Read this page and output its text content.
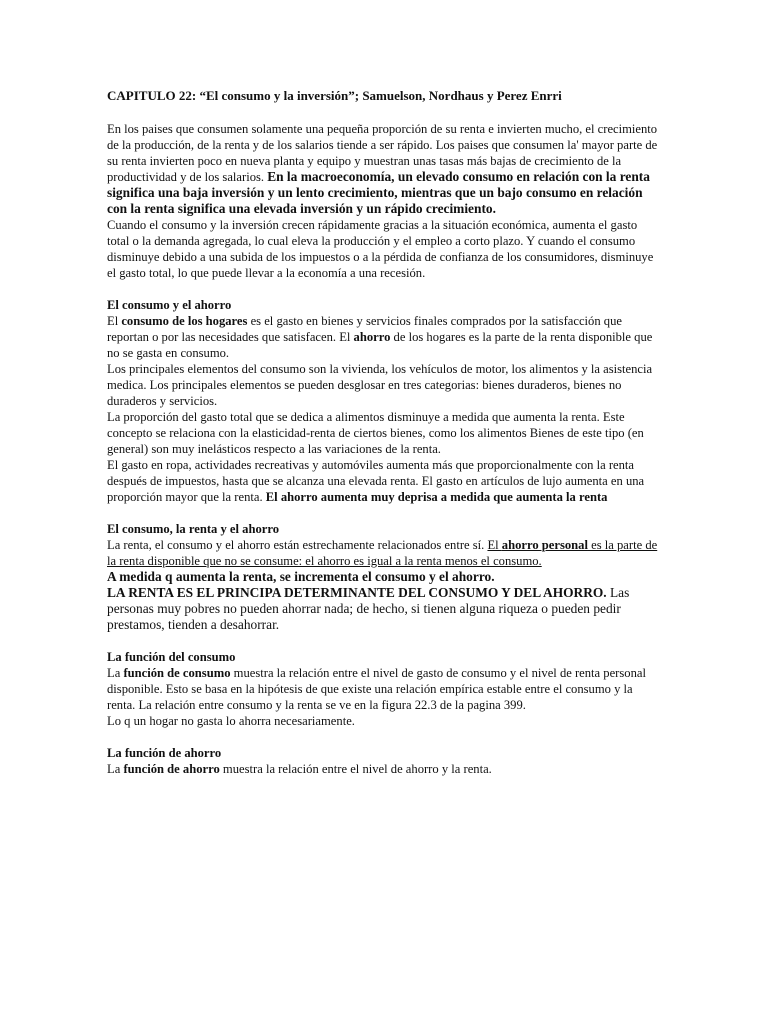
CAPITULO 22: “El consumo y la inversión”; Samuelson, Nordhaus y Perez Enrri

En los paises que consumen solamente una pequeña proporción de su renta e invierten mucho, el crecimiento de la producción, de la renta y de los salarios tiende a ser rápido. Los paises que consumen la' mayor parte de su renta invierten poco en nueva planta y equipo y muestran unas tasas más bajas de crecimiento de la productividad y de los salarios. En la macroeconomía, un elevado consumo en relación con la renta significa una baja inversión y un lento crecimiento, mientras que un bajo consumo en relación con la renta significa una elevada inversión y un rápido crecimiento.

Cuando el consumo y la inversión crecen rápidamente gracias a la situación económica, aumenta el gasto total o la demanda agregada, lo cual eleva la producción y el empleo a corto plazo. Y cuando el consumo disminuye debido a una subida de los impuestos o a la pérdida de confianza de los consumidores, disminuye el gasto total, lo que puede llevar a la economía a una recesión.

El consumo y el ahorro

El consumo de los hogares es el gasto en bienes y servicios finales comprados por la satisfacción que reportan o por las necesidades que satisfacen. El ahorro de los hogares es la parte de la renta disponible que no se gasta en consumo.

Los principales elementos del consumo son la vivienda, los vehículos de motor, los alimentos y la asistencia medica. Los principales elementos se pueden desglosar en tres categorias: bienes duraderos, bienes no duraderos y servicios.

La proporción del gasto total que se dedica a alimentos disminuye a medida que aumenta la renta. Este concepto se relaciona con la elasticidad-renta de ciertos bienes, como los alimentos Bienes de este tipo (en general) son muy inelásticos respecto a las variaciones de la renta.

El gasto en ropa, actividades recreativas y automóviles aumenta más que proporcionalmente con la renta después de impuestos, hasta que se alcanza una elevada renta. El gasto en artículos de lujo aumenta en una proporción mayor que la renta. El ahorro aumenta muy deprisa a medida que aumenta la renta

El consumo, la renta y el ahorro

La renta, el consumo y el ahorro están estrechamente relacionados entre sí. El ahorro personal es la parte de la renta disponible que no se consume: el ahorro es igual a la renta menos el consumo.

A medida q aumenta la renta, se incrementa el consumo y el ahorro.

LA RENTA ES EL PRINCIPA DETERMINANTE DEL CONSUMO Y DEL AHORRO. Las personas muy pobres no pueden ahorrar nada; de hecho, si tienen alguna riqueza o pueden pedir prestamos, tienden a desahorrar.

La función del consumo

La función de consumo muestra la relación entre el nivel de gasto de consumo y el nivel de renta personal disponible. Esto se basa en la hipótesis de que existe una relación empírica estable entre el consumo y la renta. La relación entre consumo y la renta se ve en la figura 22.3 de la pagina 399.

Lo q un hogar no gasta lo ahorra necesariamente.

La función de ahorro

La función de ahorro muestra la relación entre el nivel de ahorro y la renta.
